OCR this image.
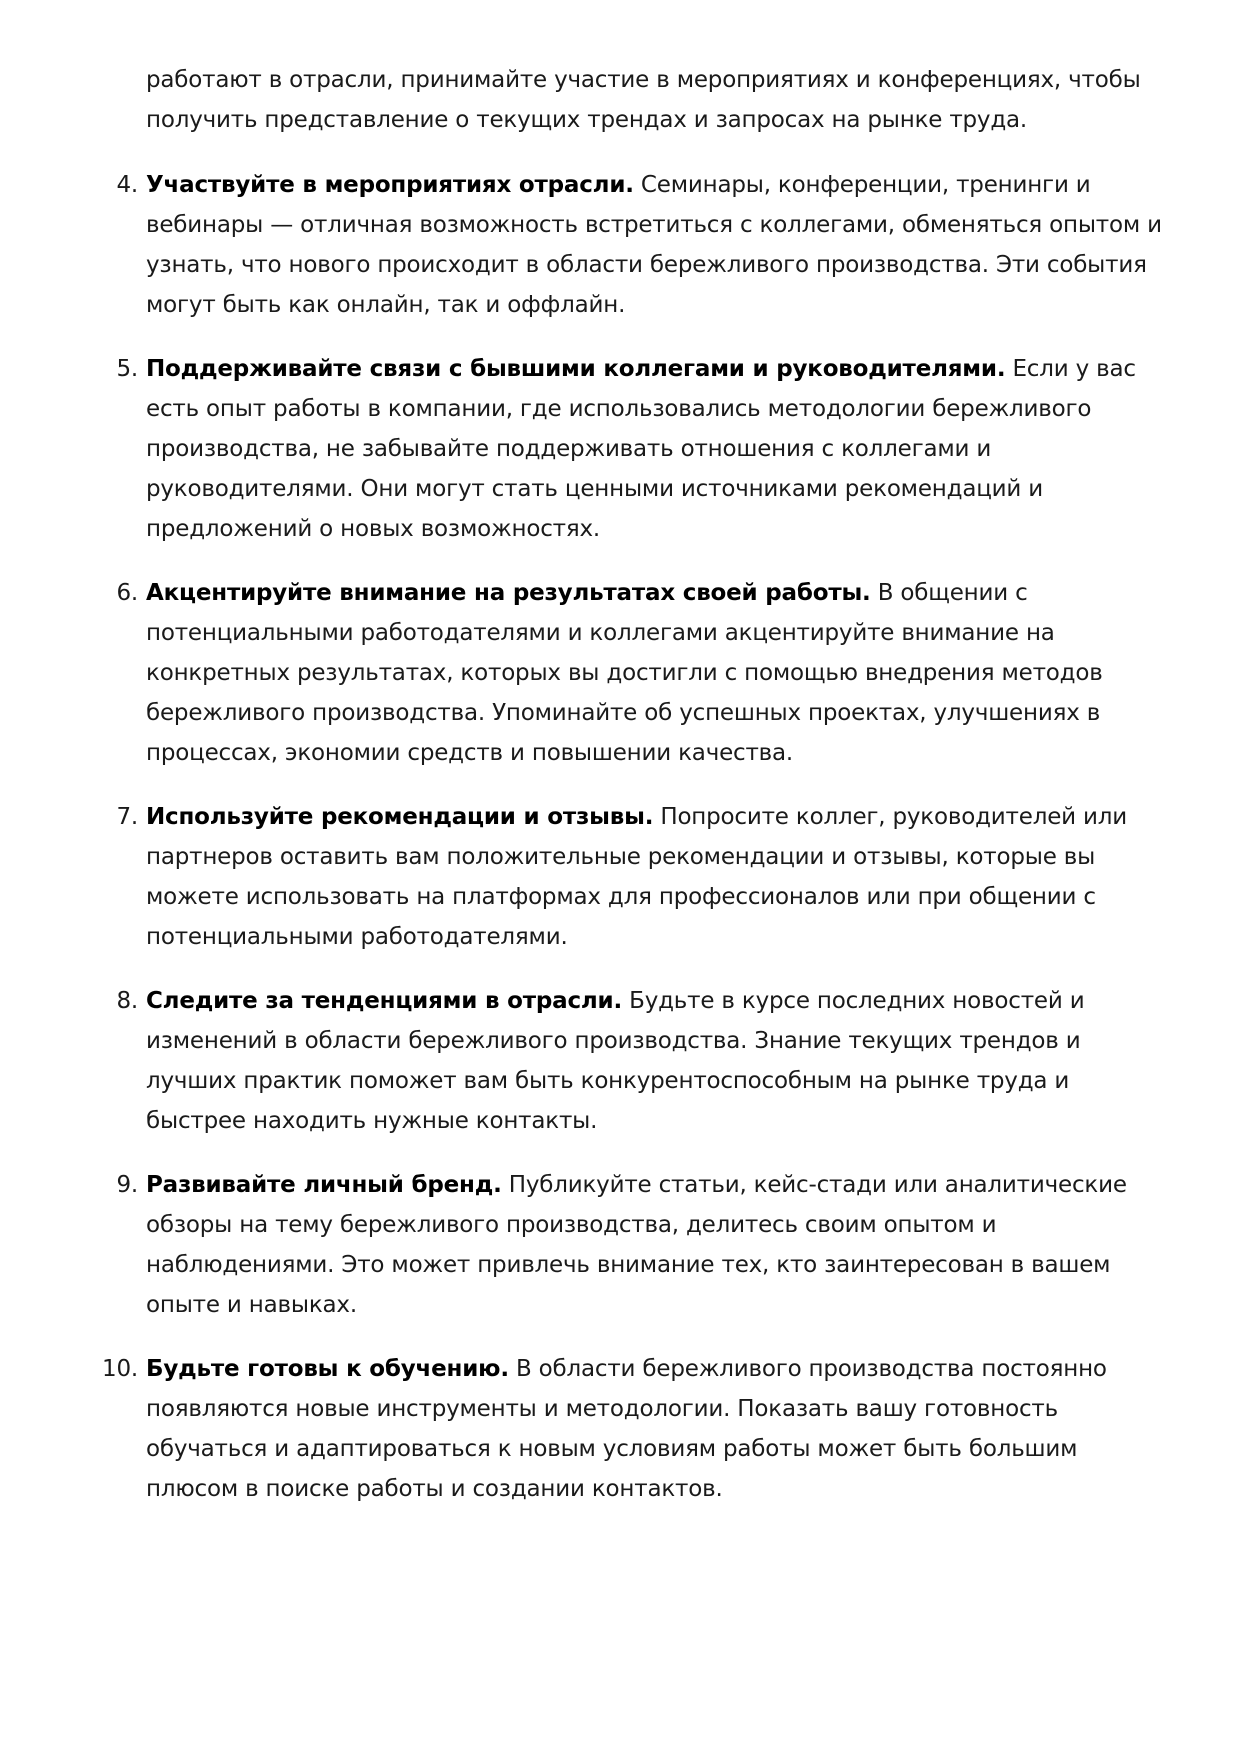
работают в отрасли, принимайте участие в мероприятиях и конференциях, чтобы получить представление о текущих трендах и запросах на рынке труда.

4. Участвуйте в мероприятиях отрасли. Семинары, конференции, тренинги и вебинары — отличная возможность встретиться с коллегами, обменяться опытом и узнать, что нового происходит в области бережливого производства. Эти события могут быть как онлайн, так и оффлайн.
5. Поддерживайте связи с бывшими коллегами и руководителями. Если у вас есть опыт работы в компании, где использовались методологии бережливого производства, не забывайте поддерживать отношения с коллегами и руководителями. Они могут стать ценными источниками рекомендаций и предложений о новых возможностях.
6. Акцентируйте внимание на результатах своей работы. В общении с потенциальными работодателями и коллегами акцентируйте внимание на конкретных результатах, которых вы достигли с помощью внедрения методов бережливого производства. Упоминайте об успешных проектах, улучшениях в процессах, экономии средств и повышении качества.
7. Используйте рекомендации и отзывы. Попросите коллег, руководителей или партнеров оставить вам положительные рекомендации и отзывы, которые вы можете использовать на платформах для профессионалов или при общении с потенциальными работодателями.
8. Следите за тенденциями в отрасли. Будьте в курсе последних новостей и изменений в области бережливого производства. Знание текущих трендов и лучших практик поможет вам быть конкурентоспособным на рынке труда и быстрее находить нужные контакты.
9. Развивайте личный бренд. Публикуйте статьи, кейс-стади или аналитические обзоры на тему бережливого производства, делитесь своим опытом и наблюдениями. Это может привлечь внимание тех, кто заинтересован в вашем опыте и навыках.
10. Будьте готовы к обучению. В области бережливого производства постоянно появляются новые инструменты и методологии. Показать вашу готовность обучаться и адаптироваться к новым условиям работы может быть большим плюсом в поиске работы и создании контактов.
